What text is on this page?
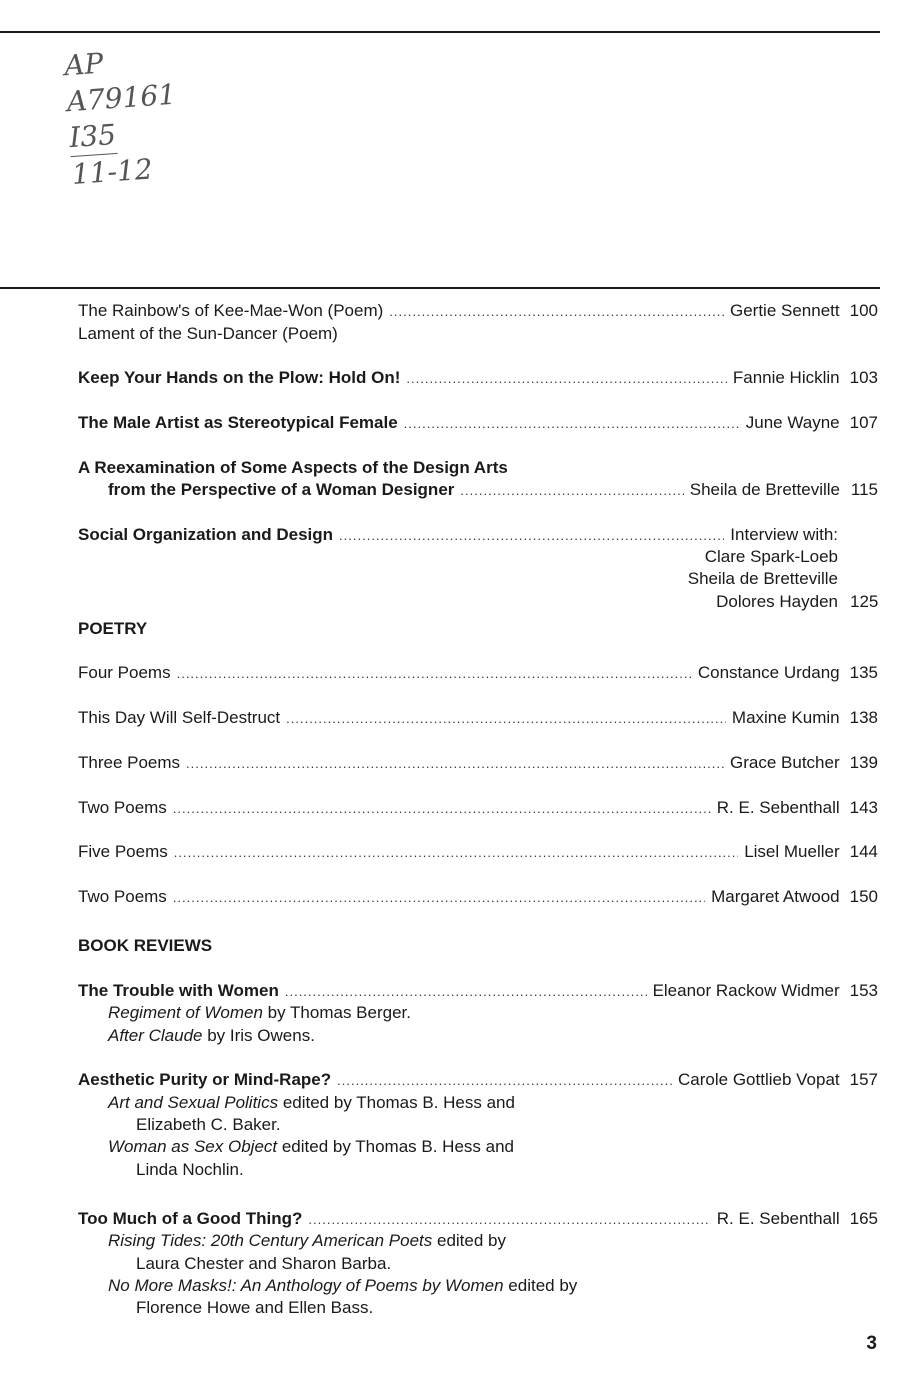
AP
A79161
I35
11-12
The Rainbow's of Kee-Mae-Won (Poem) .....	Gertie Sennett 100
Lament of the Sun-Dancer (Poem)
Keep Your Hands on the Plow: Hold On! .....	Fannie Hicklin 103
The Male Artist as Stereotypical Female .....	June Wayne 107
A Reexamination of Some Aspects of the Design Arts
from the Perspective of a Woman Designer .....	Sheila de Bretteville 115
Social Organization and Design .....	Interview with:
Clare Spark-Loeb
Sheila de Bretteville
Dolores Hayden 125
POETRY
Four Poems .....	Constance Urdang 135
This Day Will Self-Destruct .....	Maxine Kumin 138
Three Poems .....	Grace Butcher 139
Two Poems .....	R. E. Sebenthall 143
Five Poems .....	Lisel Mueller 144
Two Poems .....	Margaret Atwood 150
BOOK REVIEWS
The Trouble with Women .....	Eleanor Rackow Widmer 153
Regiment of Women by Thomas Berger.
After Claude by Iris Owens.
Aesthetic Purity or Mind-Rape? .....	Carole Gottlieb Vopat 157
Art and Sexual Politics edited by Thomas B. Hess and
Elizabeth C. Baker.
Woman as Sex Object edited by Thomas B. Hess and
Linda Nochlin.
Too Much of a Good Thing? .....	R. E. Sebenthall 165
Rising Tides: 20th Century American Poets edited by
Laura Chester and Sharon Barba.
No More Masks!: An Anthology of Poems by Women edited by
Florence Howe and Ellen Bass.
3
